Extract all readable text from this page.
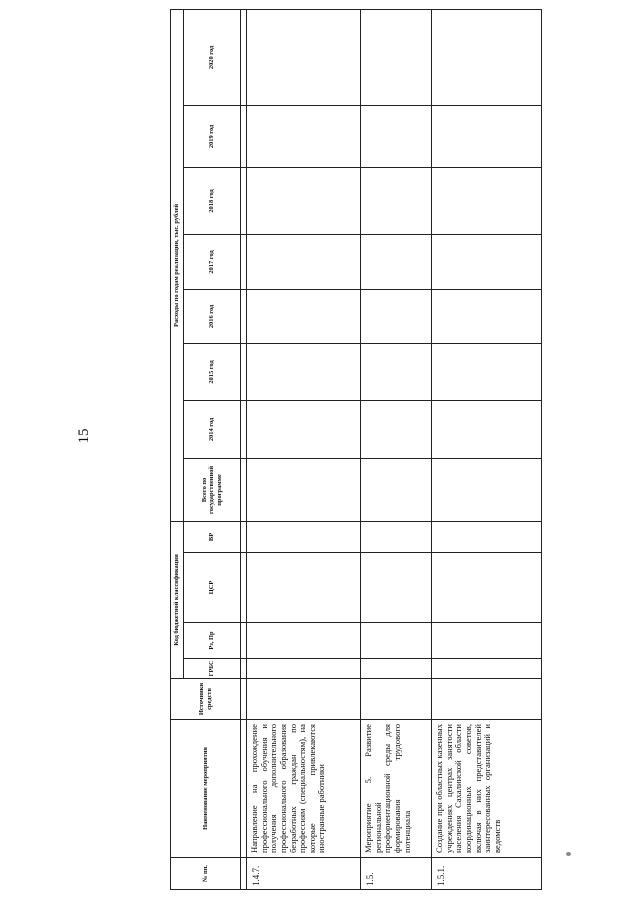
15
№ пп.	Наименование мероприятия	Источники средств	Код бюджетной классификации				Расходы по годам реализации, тыс. рублей							
			ГРБС	Рз, Пр	ЦСР	ВР	Всего по государственной программе	2014 год	2015 год	2016 год	2017 год	2018 год	2019 год	2020 год

1.4.7.	Направление на прохождение профессионального обучения и получения дополнительного профессионального образования безработных граждан по профессиям (специальностям), на которые привлекаются иностранные работники													
1.5.	Мероприятие 5. Развитие региональной профориентационной среды для формирования трудового потенциала													
1.5.1.	Создание при областных казенных учреждениях центрах занятости населения Сахалинской области координационных советов, включая в них представителей заинтересованных организаций и ведомств													
